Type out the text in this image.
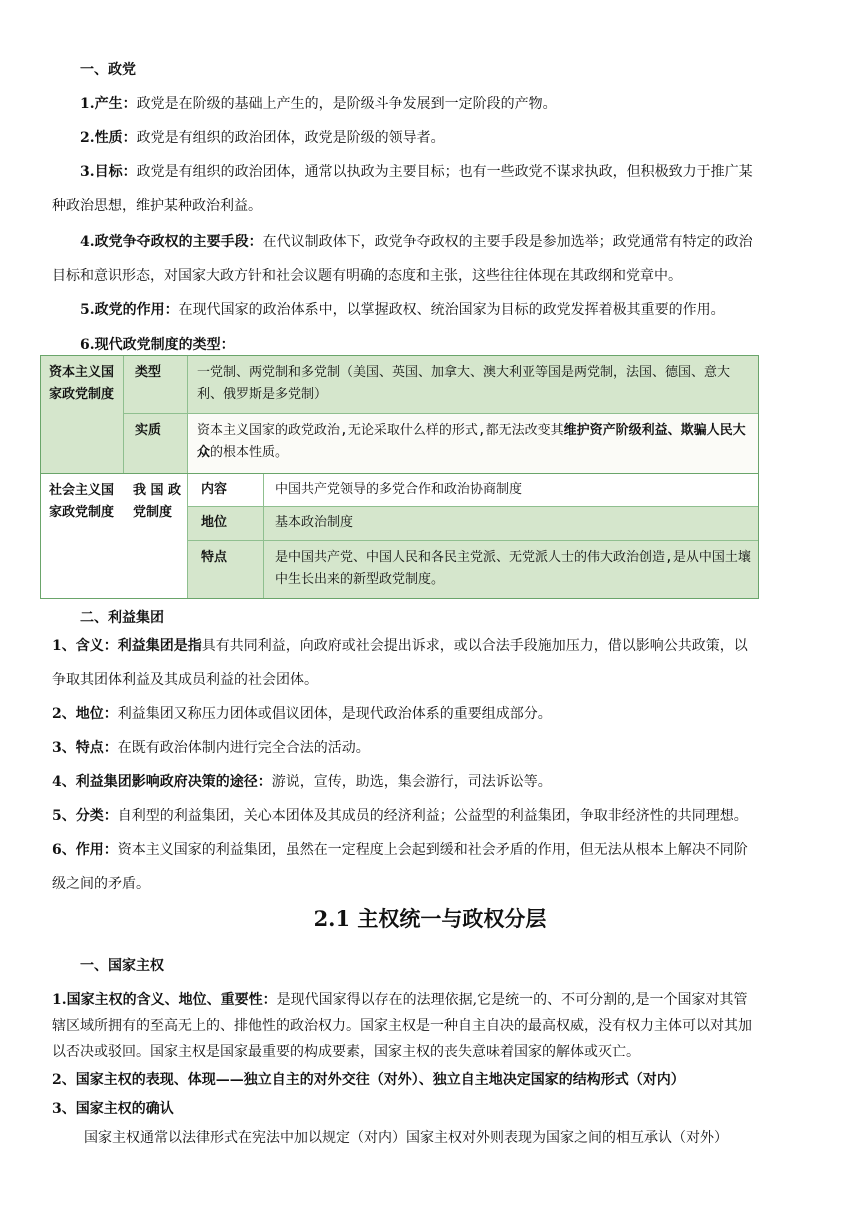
一、政党
1.产生：政党是在阶级的基础上产生的，是阶级斗争发展到一定阶段的产物。
2.性质：政党是有组织的政治团体，政党是阶级的领导者。
3.目标：政党是有组织的政治团体，通常以执政为主要目标；也有一些政党不谋求执政，但积极致力于推广某
种政治思想，维护某种政治利益。
4.政党争夺政权的主要手段：在代议制政体下，政党争夺政权的主要手段是参加选举；政党通常有特定的政治
目标和意识形态，对国家大政方针和社会议题有明确的态度和主张，这些往往体现在其政纲和党章中。
5.政党的作用：在现代国家的政治体系中，以掌握政权、统治国家为目标的政党发挥着极其重要的作用。
6.现代政党制度的类型：
资本主义国家政党制度
类型	一党制、两党制和多党制（美国、英国、加拿大、澳大利亚等国是两党制，法国、德国、意大利、俄罗斯是多党制）
实质	资本主义国家的政党政治,无论采取什么样的形式,都无法改变其维护资产阶级利益、欺骗人民大众的根本性质。
社会主义国家政党制度
我国政党制度
内容	中国共产党领导的多党合作和政治协商制度
地位	基本政治制度
特点	是中国共产党、中国人民和各民主党派、无党派人士的伟大政治创造,是从中国土壤中生长出来的新型政党制度。
二、利益集团
1、含义：利益集团是指具有共同利益，向政府或社会提出诉求，或以合法手段施加压力，借以影响公共政策，以
争取其团体利益及其成员利益的社会团体。
2、地位：利益集团又称压力团体或倡议团体，是现代政治体系的重要组成部分。
3、特点：在既有政治体制内进行完全合法的活动。
4、利益集团影响政府决策的途径：游说，宣传，助选，集会游行，司法诉讼等。
5、分类：自利型的利益集团，关心本团体及其成员的经济利益；公益型的利益集团，争取非经济性的共同理想。
6、作用：资本主义国家的利益集团，虽然在一定程度上会起到缓和社会矛盾的作用，但无法从根本上解决不同阶
级之间的矛盾。
2.1 主权统一与政权分层
一、国家主权
1.国家主权的含义、地位、重要性：是现代国家得以存在的法理依据,它是统一的、不可分割的,是一个国家对其管
辖区域所拥有的至高无上的、排他性的政治权力。国家主权是一种自主自决的最高权威，没有权力主体可以对其加
以否决或驳回。国家主权是国家最重要的构成要素，国家主权的丧失意味着国家的解体或灭亡。
2、国家主权的表现、体现——独立自主的对外交往（对外）、独立自主地决定国家的结构形式（对内）
3、国家主权的确认
国家主权通常以法律形式在宪法中加以规定（对内）国家主权对外则表现为国家之间的相互承认（对外）
